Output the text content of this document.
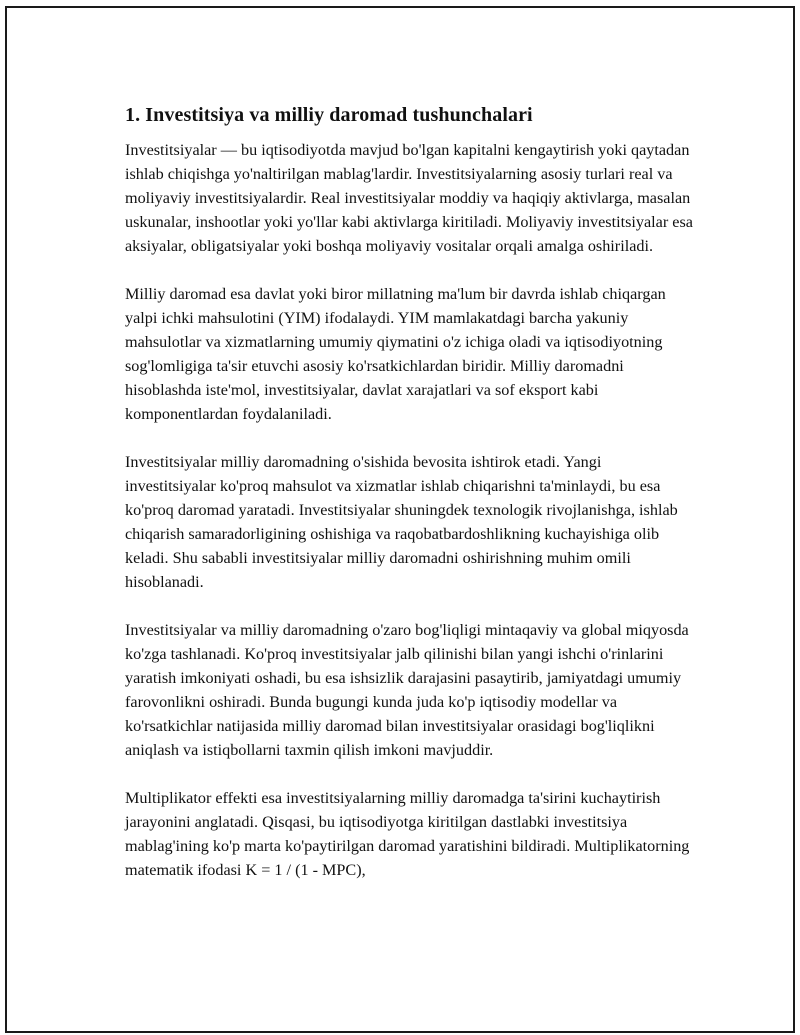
1. Investitsiya va milliy daromad tushunchalari

Investitsiyalar — bu iqtisodiyotda mavjud bo'lgan kapitalni kengaytirish yoki qaytadan ishlab chiqishga yo'naltirilgan mablag'lardir. Investitsiyalarning asosiy turlari real va moliyaviy investitsiyalardir. Real investitsiyalar moddiy va haqiqiy aktivlarga, masalan uskunalar, inshootlar yoki yo'llar kabi aktivlarga kiritiladi. Moliyaviy investitsiyalar esa aksiyalar, obligatsiyalar yoki boshqa moliyaviy vositalar orqali amalga oshiriladi.

Milliy daromad esa davlat yoki biror millatning ma'lum bir davrda ishlab chiqargan yalpi ichki mahsulotini (YIM) ifodalaydi. YIM mamlakatdagi barcha yakuniy mahsulotlar va xizmatlarning umumiy qiymatini o'z ichiga oladi va iqtisodiyotning sog'lomligiga ta'sir etuvchi asosiy ko'rsatkichlardan biridir. Milliy daromadni hisoblashda iste'mol, investitsiyalar, davlat xarajatlari va sof eksport kabi komponentlardan foydalaniladi.

Investitsiyalar milliy daromadning o'sishida bevosita ishtirok etadi. Yangi investitsiyalar ko'proq mahsulot va xizmatlar ishlab chiqarishni ta'minlaydi, bu esa ko'proq daromad yaratadi. Investitsiyalar shuningdek texnologik rivojlanishga, ishlab chiqarish samaradorligining oshishiga va raqobatbardoshlikning kuchayishiga olib keladi. Shu sababli investitsiyalar milliy daromadni oshirishning muhim omili hisoblanadi.

Investitsiyalar va milliy daromadning o'zaro bog'liqligi mintaqaviy va global miqyosda ko'zga tashlanadi. Ko'proq investitsiyalar jalb qilinishi bilan yangi ishchi o'rinlarini yaratish imkoniyati oshadi, bu esa ishsizlik darajasini pasaytirib, jamiyatdagi umumiy farovonlikni oshiradi. Bunda bugungi kunda juda ko'p iqtisodiy modellar va ko'rsatkichlar natijasida milliy daromad bilan investitsiyalar orasidagi bog'liqlikni aniqlash va istiqbollarni taxmin qilish imkoni mavjuddir.

Multiplikator effekti esa investitsiyalarning milliy daromadga ta'sirini kuchaytirish jarayonini anglatadi. Qisqasi, bu iqtisodiyotga kiritilgan dastlabki investitsiya mablag'ining ko'p marta ko'paytirilgan daromad yaratishini bildiradi. Multiplikatorning matematik ifodasi K = 1 / (1 - MPC),
